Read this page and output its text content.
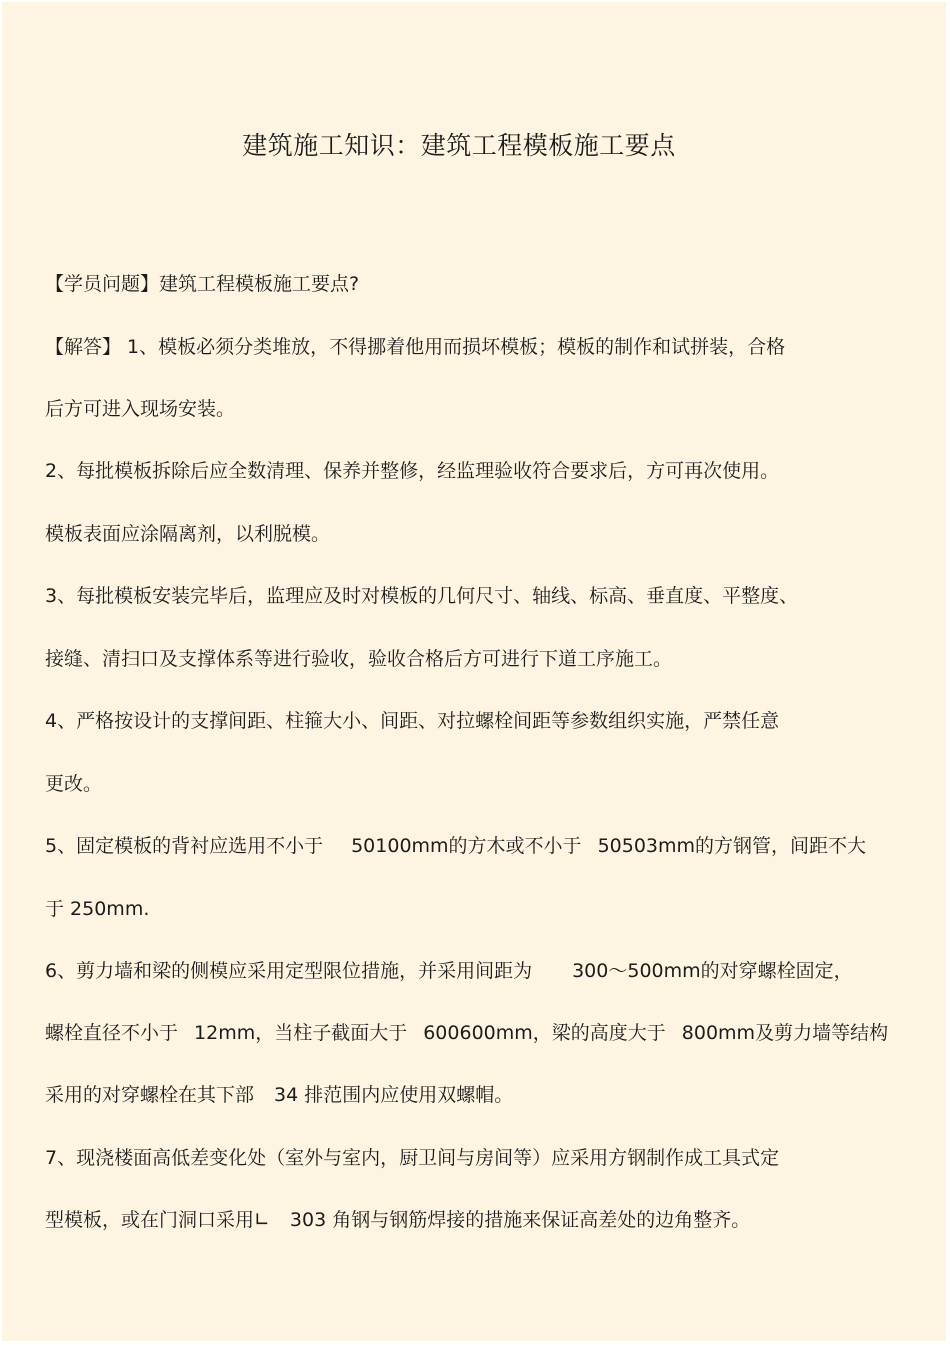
建筑施工知识：建筑工程模板施工要点
【学员问题】建筑工程模板施工要点?
【解答】 1、模板必须分类堆放，不得挪着他用而损坏模板；模板的制作和试拼装，合格
后方可进入现场安装。
2、每批模板拆除后应全数清理、保养并整修，经监理验收符合要求后，方可再次使用。
模板表面应涂隔离剂，以利脱模。
3、每批模板安装完毕后，监理应及时对模板的几何尺寸、轴线、标高、垂直度、平整度、
接缝、清扫口及支撑体系等进行验收，验收合格后方可进行下道工序施工。
4、严格按设计的支撑间距、柱箍大小、间距、对拉螺栓间距等参数组织实施，严禁任意
更改。
5、固定模板的背衬应选用不小于 50100mm的方木或不小于 50503mm的方钢管，间距不大
于 250mm.
6、剪力墙和梁的侧模应采用定型限位措施，并采用间距为 300～500mm的对穿螺栓固定，
螺栓直径不小于 12mm，当柱子截面大于 600600mm，梁的高度大于 800mm及剪力墙等结构
采用的对穿螺栓在其下部 34 排范围内应使用双螺帽。
7、现浇楼面高低差变化处（室外与室内，厨卫间与房间等）应采用方钢制作成工具式定
型模板，或在门洞口采用∟ 303 角钢与钢筋焊接的措施来保证高差处的边角整齐。
